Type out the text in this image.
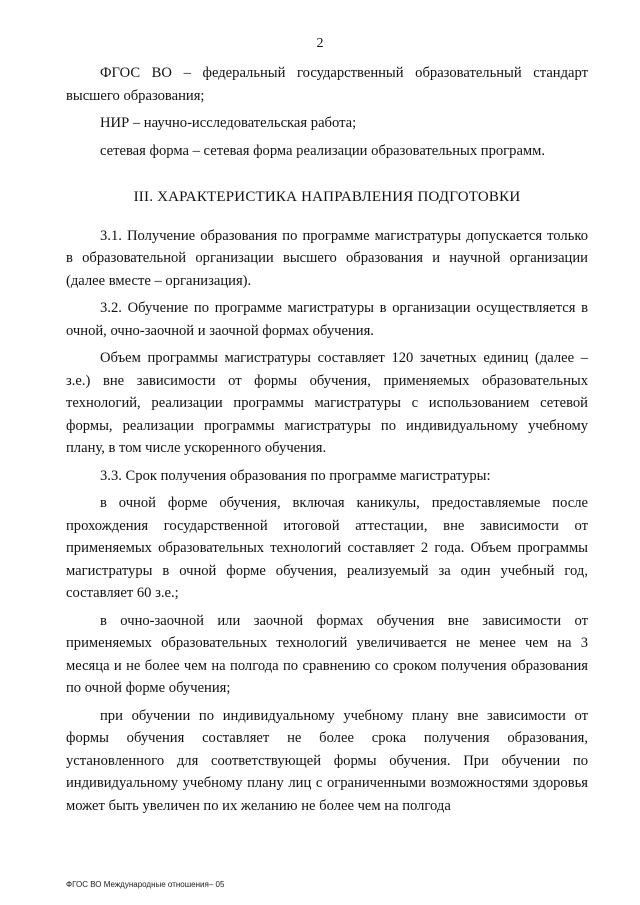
2

ФГОС ВО – федеральный государственный образовательный стандарт высшего образования;

НИР – научно-исследовательская работа;

сетевая форма – сетевая форма реализации образовательных программ.

III. ХАРАКТЕРИСТИКА НАПРАВЛЕНИЯ ПОДГОТОВКИ

3.1. Получение образования по программе магистратуры допускается только в образовательной организации высшего образования и научной организации (далее вместе – организация).

3.2. Обучение по программе магистратуры в организации осуществляется в очной, очно-заочной и заочной формах обучения.

Объем программы магистратуры составляет 120 зачетных единиц (далее – з.е.) вне зависимости от формы обучения, применяемых образовательных технологий, реализации программы магистратуры с использованием сетевой формы, реализации программы магистратуры по индивидуальному учебному плану, в том числе ускоренного обучения.

3.3. Срок получения образования по программе магистратуры:

в очной форме обучения, включая каникулы, предоставляемые после прохождения государственной итоговой аттестации, вне зависимости от применяемых образовательных технологий составляет 2 года. Объем программы магистратуры в очной форме обучения, реализуемый за один учебный год, составляет 60 з.е.;

в очно-заочной или заочной формах обучения вне зависимости от применяемых образовательных технологий увеличивается не менее чем на 3 месяца и не более чем на полгода по сравнению со сроком получения образования по очной форме обучения;

при обучении по индивидуальному учебному плану вне зависимости от формы обучения составляет не более срока получения образования, установленного для соответствующей формы обучения. При обучении по индивидуальному учебному плану лиц с ограниченными возможностями здоровья может быть увеличен по их желанию не более чем на полгода

ФГОС ВО Международные отношения– 05
